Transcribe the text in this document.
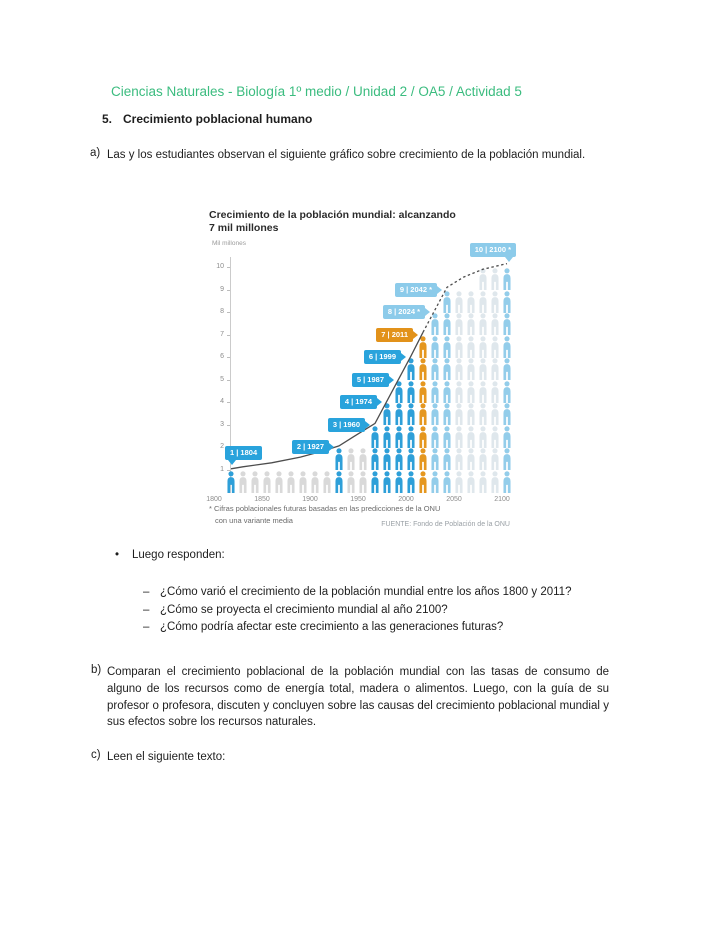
Ciencias Naturales - Biología 1º medio / Unidad 2 / OA5 / Actividad 5
5. Crecimiento poblacional humano
a) Las y los estudiantes observan el siguiente gráfico sobre crecimiento de la población mundial.
Crecimiento de la población mundial: alcanzando
7 mil millones
Mil millones
1
2
3
4
5
6
7
8
9
10
1800	1850	1900	1950	2000	2050	2100
1 | 1804
2 | 1927
3 | 1960
4 | 1974
5 | 1987
6 | 1999
7 | 2011
8 | 2024 *
9 | 2042 *
10 | 2100 *
* Cifras poblacionales futuras basadas en las predicciones de la ONU
con una variante media	FUENTE: Fondo de Población de la ONU
• Luego responden:
– ¿Cómo varió el crecimiento de la población mundial entre los años 1800 y 2011?
– ¿Cómo se proyecta el crecimiento mundial al año 2100?
– ¿Cómo podría afectar este crecimiento a las generaciones futuras?
b) Comparan el crecimiento poblacional de la población mundial con las tasas de consumo de alguno de los recursos como de energía total, madera o alimentos. Luego, con la guía de su profesor o profesora, discuten y concluyen sobre las causas del crecimiento poblacional mundial y sus efectos sobre los recursos naturales.
c) Leen el siguiente texto:
